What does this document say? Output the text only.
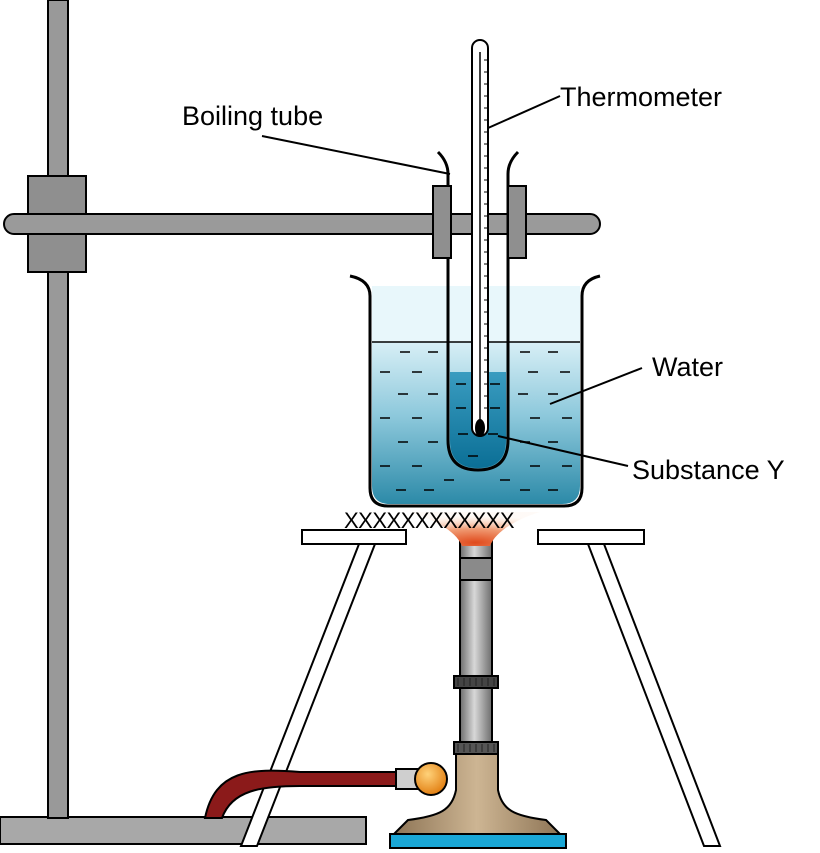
XXXXXXXXXXXX
Boiling tube
Thermometer
Water
Substance Y
